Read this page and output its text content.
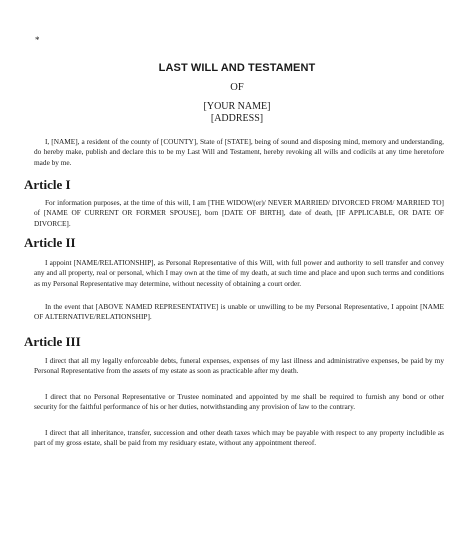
*
LAST WILL AND TESTAMENT
OF
[YOUR NAME]
[ADDRESS]

I, [NAME], a resident of the county of [COUNTY], State of [STATE], being of sound and disposing mind, memory and understanding, do hereby make, publish and declare this to be my Last Will and Testament, hereby revoking all wills and codicils at any time heretofore made by me.

Article I

For information purposes, at the time of this will, I am [THE WIDOW(er)/ NEVER MARRIED/ DIVORCED FROM/ MARRIED TO] of [NAME OF CURRENT OR FORMER SPOUSE], born [DATE OF BIRTH], date of death, [IF APPLICABLE, OR DATE OF DIVORCE].

Article II

I appoint [NAME/RELATIONSHIP], as Personal Representative of this Will, with full power and authority to sell transfer and convey any and all property, real or personal, which I may own at the time of my death, at such time and place and upon such terms and conditions as my Personal Representative may determine, without necessity of obtaining a court order.

In the event that [ABOVE NAMED REPRESENTATIVE] is unable or unwilling to be my Personal Representative, I appoint [NAME OF ALTERNATIVE/RELATIONSHIP].

Article III

I direct that all my legally enforceable debts, funeral expenses, expenses of my last illness and administrative expenses, be paid by my Personal Representative from the assets of my estate as soon as practicable after my death.

I direct that no Personal Representative or Trustee nominated and appointed by me shall be required to furnish any bond or other security for the faithful performance of his or her duties, notwithstanding any provision of law to the contrary.

I direct that all inheritance, transfer, succession and other death taxes which may be payable with respect to any property includible as part of my gross estate, shall be paid from my residuary estate, without any appointment thereof.
